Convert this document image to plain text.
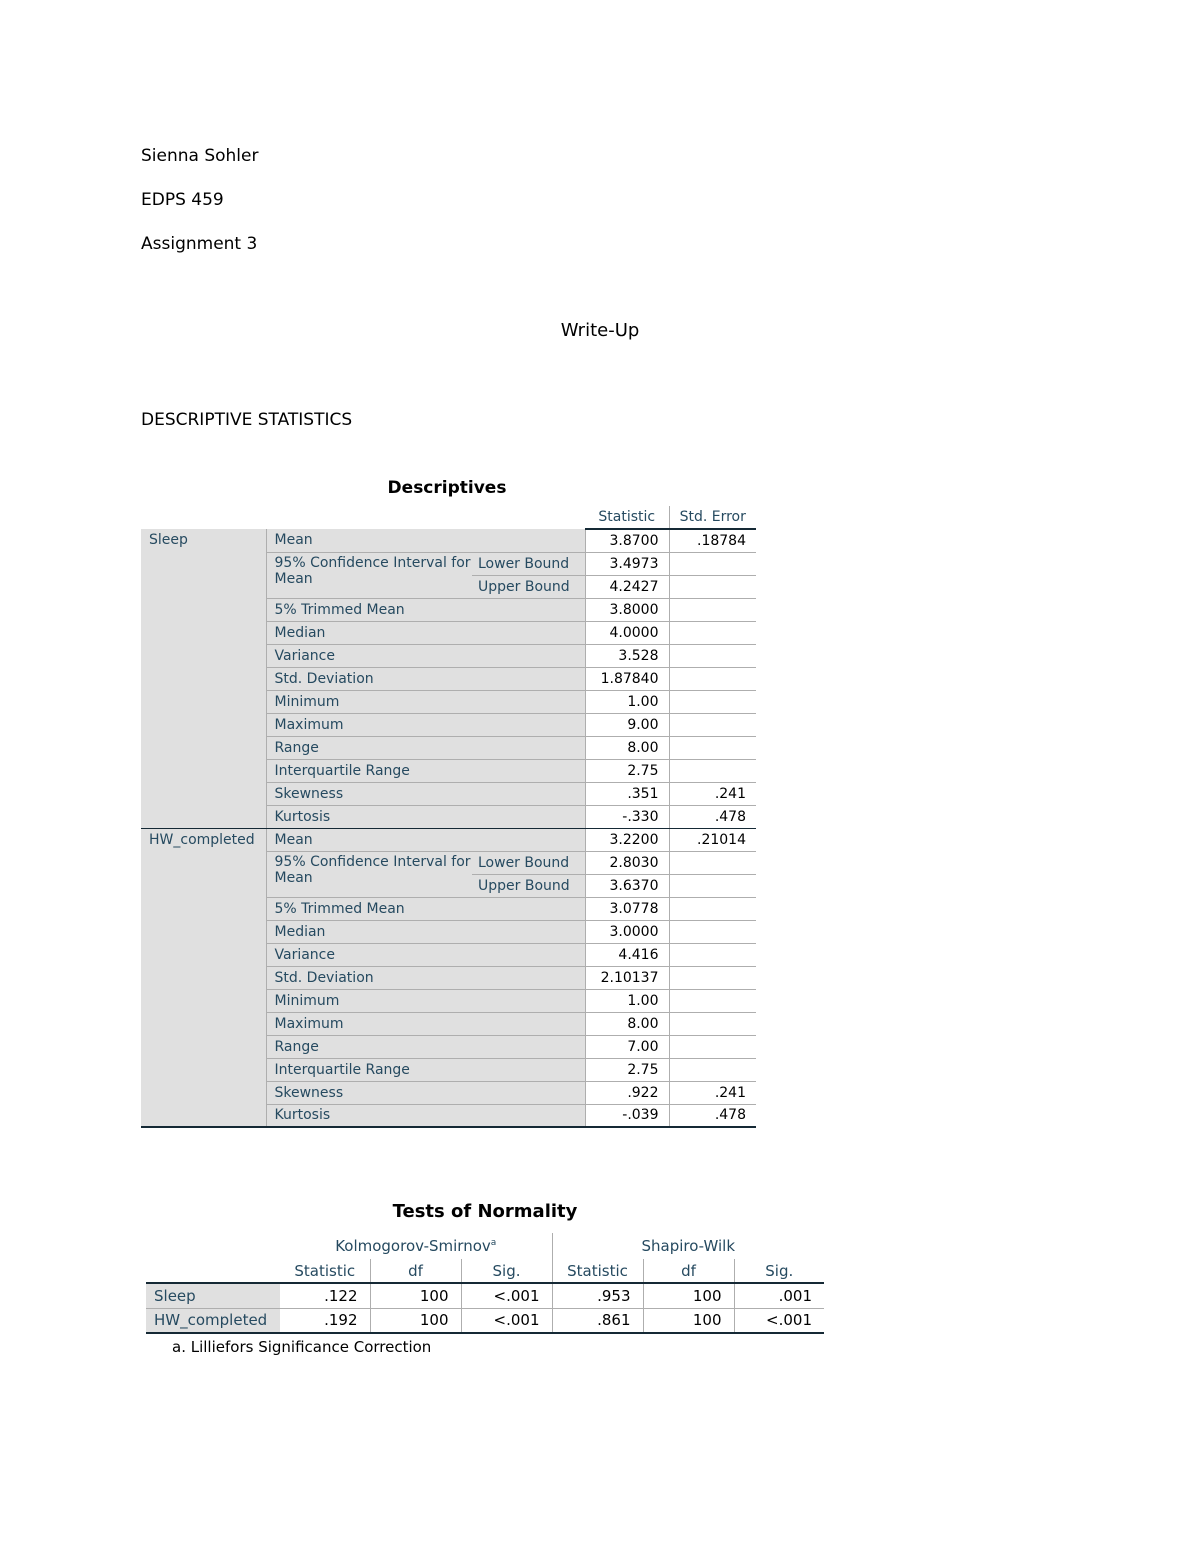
Sienna Sohler
EDPS 459
Assignment 3
Write-Up
DESCRIPTIVE STATISTICS
Descriptives
			Statistic	Std. Error
Sleep	Mean		3.8700	.18784
	95% Confidence Interval for Mean	Lower Bound	3.4973	
		Upper Bound	4.2427	
	5% Trimmed Mean		3.8000	
	Median		4.0000	
	Variance		3.528	
	Std. Deviation		1.87840	
	Minimum		1.00	
	Maximum		9.00	
	Range		8.00	
	Interquartile Range		2.75	
	Skewness		.351	.241
	Kurtosis		-.330	.478
HW_completed	Mean		3.2200	.21014
	95% Confidence Interval for Mean	Lower Bound	2.8030	
		Upper Bound	3.6370	
	5% Trimmed Mean		3.0778	
	Median		3.0000	
	Variance		4.416	
	Std. Deviation		2.10137	
	Minimum		1.00	
	Maximum		8.00	
	Range		7.00	
	Interquartile Range		2.75	
	Skewness		.922	.241
	Kurtosis		-.039	.478
Tests of Normality
	Kolmogorov-Smirnov$^a$			Shapiro-Wilk		
	Statistic	df	Sig.	Statistic	df	Sig.
Sleep	.122	100	<.001	.953	100	.001
HW_completed	.192	100	<.001	.861	100	<.001
a. Lilliefors Significance Correction
